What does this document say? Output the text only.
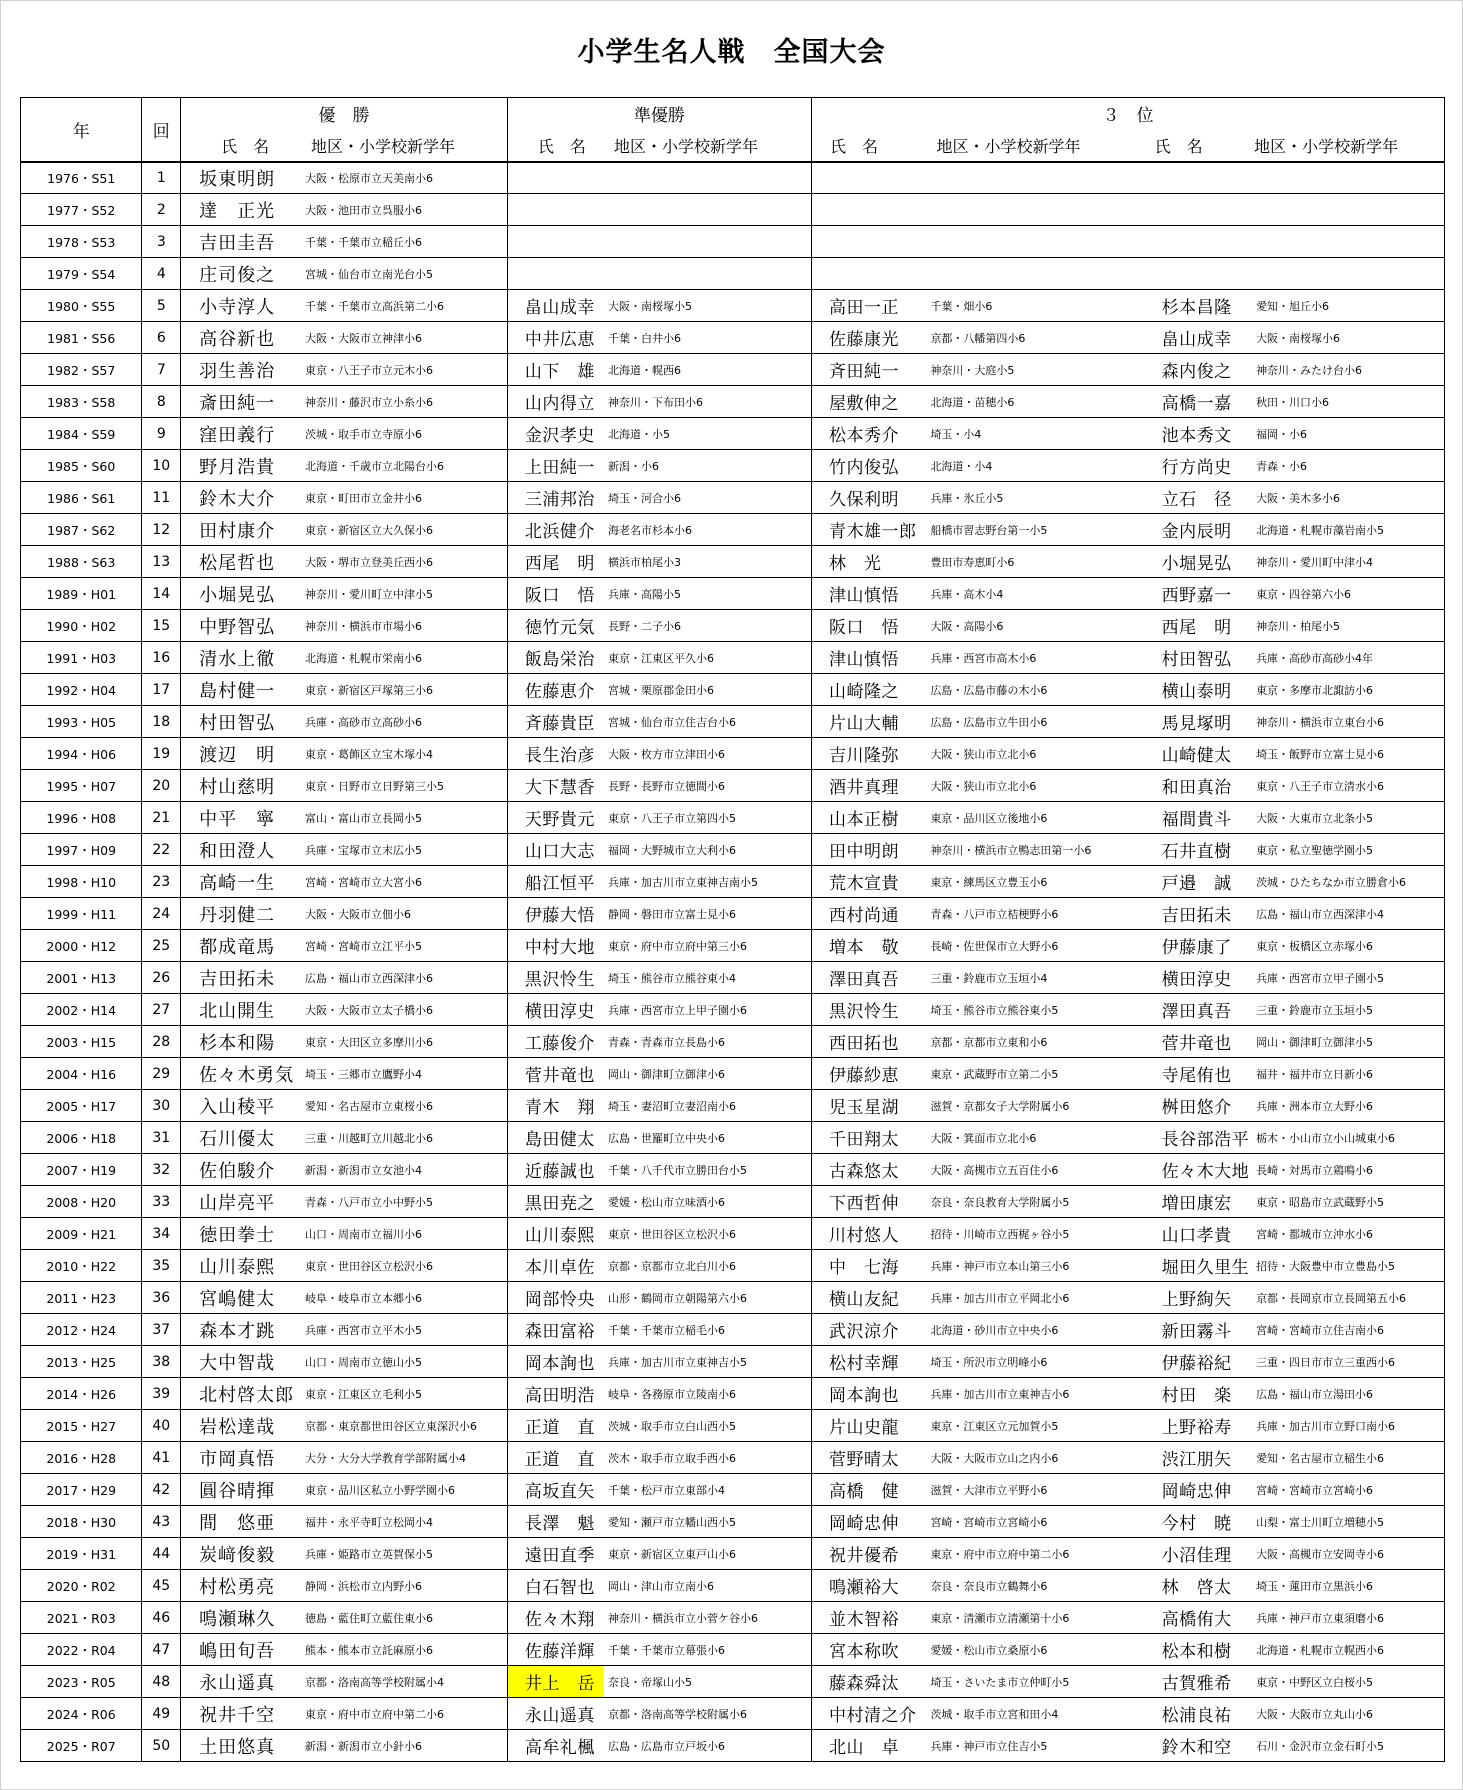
小学生名人戦　全国大会
年	回	優　勝		準優勝		３　位			
		氏　名	地区・小学校新学年	氏　名	地区・小学校新学年	氏　名	地区・小学校新学年	氏　名	地区・小学校新学年
1976・S51	1	坂東明朗	大阪・松原市立天美南小6						
1977・S52	2	達　正光	大阪・池田市立呉服小6						
1978・S53	3	吉田圭吾	千葉・千葉市立稲丘小6						
1979・S54	4	庄司俊之	宮城・仙台市立南光台小5						
1980・S55	5	小寺淳人	千葉・千葉市立高浜第二小6	畠山成幸	大阪・南桜塚小5	高田一正	千葉・畑小6	杉本昌隆	愛知・旭丘小6
1981・S56	6	高谷新也	大阪・大阪市立神津小6	中井広恵	千葉・白井小6	佐藤康光	京都・八幡第四小6	畠山成幸	大阪・南桜塚小6
1982・S57	7	羽生善治	東京・八王子市立元木小6	山下　雄	北海道・幌西6	斉田純一	神奈川・大庭小5	森内俊之	神奈川・みたけ台小6
1983・S58	8	斎田純一	神奈川・藤沢市立小糸小6	山内得立	神奈川・下布田小6	屋敷伸之	北海道・苗穂小6	高橋一嘉	秋田・川口小6
1984・S59	9	窪田義行	茨城・取手市立寺原小6	金沢孝史	北海道・小5	松本秀介	埼玉・小4	池本秀文	福岡・小6
1985・S60	10	野月浩貴	北海道・千歳市立北陽台小6	上田純一	新潟・小6	竹内俊弘	北海道・小4	行方尚史	青森・小6
1986・S61	11	鈴木大介	東京・町田市立金井小6	三浦邦治	埼玉・河合小6	久保利明	兵庫・氷丘小5	立石　径	大阪・美木多小6
1987・S62	12	田村康介	東京・新宿区立大久保小6	北浜健介	海老名市杉本小6	青木雄一郎	船橋市習志野台第一小5	金内辰明	北海道・札幌市藻岩南小5
1988・S63	13	松尾哲也	大阪・堺市立登美丘西小6	西尾　明	横浜市柏尾小3	林　光	豊田市寿恵町小6	小堀晃弘	神奈川・愛川町中津小4
1989・H01	14	小堀晃弘	神奈川・愛川町立中津小5	阪口　悟	兵庫・高陽小5	津山慎悟	兵庫・高木小4	西野嘉一	東京・四谷第六小6
1990・H02	15	中野智弘	神奈川・横浜市市場小6	徳竹元気	長野・二子小6	阪口　悟	大阪・高陽小6	西尾　明	神奈川・柏尾小5
1991・H03	16	清水上徹	北海道・札幌市栄南小6	飯島栄治	東京・江東区平久小6	津山慎悟	兵庫・西宮市高木小6	村田智弘	兵庫・高砂市高砂小4年
1992・H04	17	島村健一	東京・新宿区戸塚第三小6	佐藤恵介	宮城・栗原郡金田小6	山崎隆之	広島・広島市藤の木小6	横山泰明	東京・多摩市北諏訪小6
1993・H05	18	村田智弘	兵庫・高砂市立高砂小6	斉藤貴臣	宮城・仙台市立住吉台小6	片山大輔	広島・広島市立牛田小6	馬見塚明	神奈川・横浜市立東台小6
1994・H06	19	渡辺　明	東京・葛飾区立宝木塚小4	長生治彦	大阪・枚方市立津田小6	吉川隆弥	大阪・狭山市立北小6	山崎健太	埼玉・飯野市立富士見小6
1995・H07	20	村山慈明	東京・日野市立日野第三小5	大下慧香	長野・長野市立徳間小6	酒井真理	大阪・狭山市立北小6	和田真治	東京・八王子市立清水小6
1996・H08	21	中平　寧	富山・富山市立長岡小5	天野貴元	東京・八王子市立第四小5	山本正樹	東京・品川区立後地小6	福間貴斗	大阪・大東市立北条小5
1997・H09	22	和田澄人	兵庫・宝塚市立末広小5	山口大志	福岡・大野城市立大利小6	田中明朗	神奈川・横浜市立鴨志田第一小6	石井直樹	東京・私立聖徳学園小5
1998・H10	23	高崎一生	宮崎・宮崎市立大宮小6	船江恒平	兵庫・加古川市立東神吉南小5	荒木宣貴	東京・練馬区立豊玉小6	戸邉　誠	茨城・ひたちなか市立勝倉小6
1999・H11	24	丹羽健二	大阪・大阪市立佃小6	伊藤大悟	静岡・磐田市立富士見小6	西村尚通	青森・八戸市立桔梗野小6	吉田拓未	広島・福山市立西深津小4
2000・H12	25	都成竜馬	宮崎・宮崎市立江平小5	中村大地	東京・府中市立府中第三小6	増本　敬	長崎・佐世保市立大野小6	伊藤康了	東京・板橋区立赤塚小6
2001・H13	26	吉田拓未	広島・福山市立西深津小6	黒沢怜生	埼玉・熊谷市立熊谷東小4	澤田真吾	三重・鈴鹿市立玉垣小4	横田淳史	兵庫・西宮市立甲子園小5
2002・H14	27	北山開生	大阪・大阪市立太子橋小6	横田淳史	兵庫・西宮市立上甲子園小6	黒沢怜生	埼玉・熊谷市立熊谷東小5	澤田真吾	三重・鈴鹿市立玉垣小5
2003・H15	28	杉本和陽	東京・大田区立多摩川小6	工藤俊介	青森・青森市立長島小6	西田拓也	京都・京都市立東和小6	菅井竜也	岡山・御津町立御津小5
2004・H16	29	佐々木勇気	埼玉・三郷市立鷹野小4	菅井竜也	岡山・御津町立御津小6	伊藤紗恵	東京・武蔵野市立第二小5	寺尾侑也	福井・福井市立日新小6
2005・H17	30	入山稜平	愛知・名古屋市立東桜小6	青木　翔	埼玉・妻沼町立妻沼南小6	児玉星湖	滋賀・京都女子大学附属小6	桝田悠介	兵庫・洲本市立大野小6
2006・H18	31	石川優太	三重・川越町立川越北小6	島田健太	広島・世羅町立中央小6	千田翔太	大阪・箕面市立北小6	長谷部浩平	栃木・小山市立小山城東小6
2007・H19	32	佐伯駿介	新潟・新潟市立女池小4	近藤誠也	千葉・八千代市立勝田台小5	古森悠太	大阪・高槻市立五百住小6	佐々木大地	長崎・対馬市立鶏鳴小6
2008・H20	33	山岸亮平	青森・八戸市立小中野小5	黒田尭之	愛媛・松山市立味酒小6	下西哲伸	奈良・奈良教育大学附属小5	増田康宏	東京・昭島市立武蔵野小5
2009・H21	34	徳田拳士	山口・周南市立福川小6	山川泰熙	東京・世田谷区立松沢小6	川村悠人	招待・川崎市立西梶ヶ谷小5	山口孝貴	宮崎・都城市立沖水小6
2010・H22	35	山川泰熙	東京・世田谷区立松沢小6	本川卓佐	京都・京都市立北白川小6	中　七海	兵庫・神戸市立本山第三小6	堀田久里生	招待・大阪豊中市立豊島小5
2011・H23	36	宮嶋健太	岐阜・岐阜市立本郷小6	岡部怜央	山形・鶴岡市立朝陽第六小6	横山友紀	兵庫・加古川市立平岡北小6	上野絢矢	京都・長岡京市立長岡第五小6
2012・H24	37	森本才跳	兵庫・西宮市立平木小5	森田富裕	千葉・千葉市立稲毛小6	武沢涼介	北海道・砂川市立中央小6	新田霧斗	宮崎・宮崎市立住吉南小6
2013・H25	38	大中智哉	山口・周南市立徳山小5	岡本詢也	兵庫・加古川市立東神吉小5	松村幸輝	埼玉・所沢市立明峰小6	伊藤裕紀	三重・四日市市立三重西小6
2014・H26	39	北村啓太郎	東京・江東区立毛利小5	高田明浩	岐阜・各務原市立陵南小6	岡本詢也	兵庫・加古川市立東神吉小6	村田　楽	広島・福山市立湯田小6
2015・H27	40	岩松達哉	京都・東京都世田谷区立東深沢小6	正道　直	茨城・取手市立白山西小5	片山史龍	東京・江東区立元加賀小5	上野裕寿	兵庫・加古川市立野口南小6
2016・H28	41	市岡真悟	大分・大分大学教育学部附属小4	正道　直	茨木・取手市立取手西小6	菅野晴太	大阪・大阪市立山之内小6	渋江朋矢	愛知・名古屋市立稲生小6
2017・H29	42	圓谷晴揮	東京・品川区私立小野学園小6	高坂直矢	千葉・松戸市立東部小4	高橋　健	滋賀・大津市立平野小6	岡崎忠伸	宮崎・宮崎市立宮崎小6
2018・H30	43	間　悠亜	福井・永平寺町立松岡小4	長澤　魁	愛知・瀬戸市立幡山西小5	岡崎忠伸	宮崎・宮崎市立宮崎小6	今村　暁	山梨・富士川町立増穂小5
2019・H31	44	炭﨑俊毅	兵庫・姫路市立英賀保小5	遠田直季	東京・新宿区立東戸山小6	祝井優希	東京・府中市立府中第二小6	小沼佳理	大阪・高槻市立安岡寺小6
2020・R02	45	村松勇亮	静岡・浜松市立内野小6	白石智也	岡山・津山市立南小6	鳴瀬裕大	奈良・奈良市立鶴舞小6	林　啓太	埼玉・蓮田市立黒浜小6
2021・R03	46	鳴瀬琳久	徳島・藍住町立藍住東小6	佐々木翔	神奈川・横浜市立小菅ケ谷小6	並木智裕	東京・清瀬市立清瀬第十小6	高橋侑大	兵庫・神戸市立東須磨小6
2022・R04	47	嶋田旬吾	熊本・熊本市立託麻原小6	佐藤洋輝	千葉・千葉市立幕張小6	宮本称吹	愛媛・松山市立桑原小6	松本和樹	北海道・札幌市立幌西小6
2023・R05	48	永山遥真	京都・洛南高等学校附属小4	井上　岳	奈良・帝塚山小5	藤森舜汰	埼玉・さいたま市立仲町小5	古賀雅希	東京・中野区立白桜小5
2024・R06	49	祝井千空	東京・府中市立府中第二小6	永山遥真	京都・洛南高等学校附属小6	中村清之介	茨城・取手市立宮和田小4	松浦良祐	大阪・大阪市立丸山小6
2025・R07	50	土田悠真	新潟・新潟市立小針小6	高牟礼楓	広島・広島市立戸坂小6	北山　卓	兵庫・神戸市立住吉小5	鈴木和空	石川・金沢市立金石町小5
